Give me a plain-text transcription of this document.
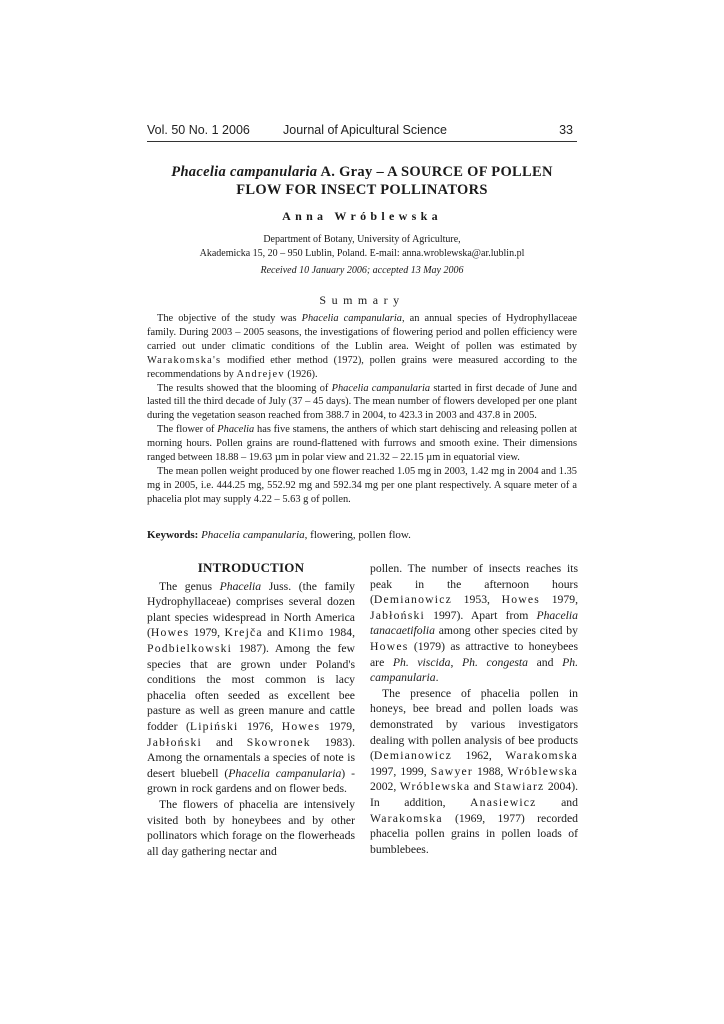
Vol. 50 No. 1 2006	Journal of Apicultural Science	33
Phacelia campanularia A. Gray – A SOURCE OF POLLEN
FLOW FOR INSECT POLLINATORS
Anna Wróblewska
Department of Botany, University of Agriculture,
Akademicka 15, 20 – 950 Lublin, Poland. E-mail: anna.wroblewska@ar.lublin.pl
Received 10 January 2006; accepted 13 May 2006
Summary

The objective of the study was Phacelia campanularia, an annual species of Hydrophyllaceae family. During 2003 – 2005 seasons, the investigations of flowering period and pollen efficiency were carried out under climatic conditions of the Lublin area. Weight of pollen was estimated by Warakomska's modified ether method (1972), pollen grains were measured according to the recommendations by Andrejev (1926).

The results showed that the blooming of Phacelia campanularia started in first decade of June and lasted till the third decade of July (37 – 45 days). The mean number of flowers developed per one plant during the vegetation season reached from 388.7 in 2004, to 423.3 in 2003 and 437.8 in 2005.

The flower of Phacelia has five stamens, the anthers of which start dehiscing and releasing pollen at morning hours. Pollen grains are round-flattened with furrows and smooth exine. Their dimensions ranged between 18.88 – 19.63 µm in polar view and 21.32 – 22.15 µm in equatorial view.

The mean pollen weight produced by one flower reached 1.05 mg in 2003, 1.42 mg in 2004 and 1.35 mg in 2005, i.e. 444.25 mg, 552.92 mg and 592.34 mg per one plant respectively. A square meter of a phacelia plot may supply 4.22 – 5.63 g of pollen.

Keywords: Phacelia campanularia, flowering, pollen flow.
INTRODUCTION

The genus Phacelia Juss. (the family Hydrophyllaceae) comprises several dozen plant species widespread in North America (Howes 1979, Krejča and Klimo 1984, Podbielkowski 1987). Among the few species that are grown under Poland's conditions the most common is lacy phacelia often seeded as excellent bee pasture as well as green manure and cattle fodder (Lipiński 1976, Howes 1979, Jabłoński and Skowronek 1983). Among the ornamentals a species of note is desert bluebell (Phacelia campanularia) - grown in rock gardens and on flower beds.

The flowers of phacelia are intensively visited both by honeybees and by other pollinators which forage on the flowerheads all day gathering nectar and

pollen. The number of insects reaches its peak in the afternoon hours (Demianowicz 1953, Howes 1979, Jabłoński 1997). Apart from Phacelia tanacaetifolia among other species cited by Howes (1979) as attractive to honeybees are Ph. viscida, Ph. congesta and Ph. campanularia.

The presence of phacelia pollen in honeys, bee bread and pollen loads was demonstrated by various investigators dealing with pollen analysis of bee products (Demianowicz 1962, Warakomska 1997, 1999, Sawyer 1988, Wróblewska 2002, Wróblewska and Stawiarz 2004). In addition, Anasiewicz and Warakomska (1969, 1977) recorded phacelia pollen grains in pollen loads of bumblebees.
